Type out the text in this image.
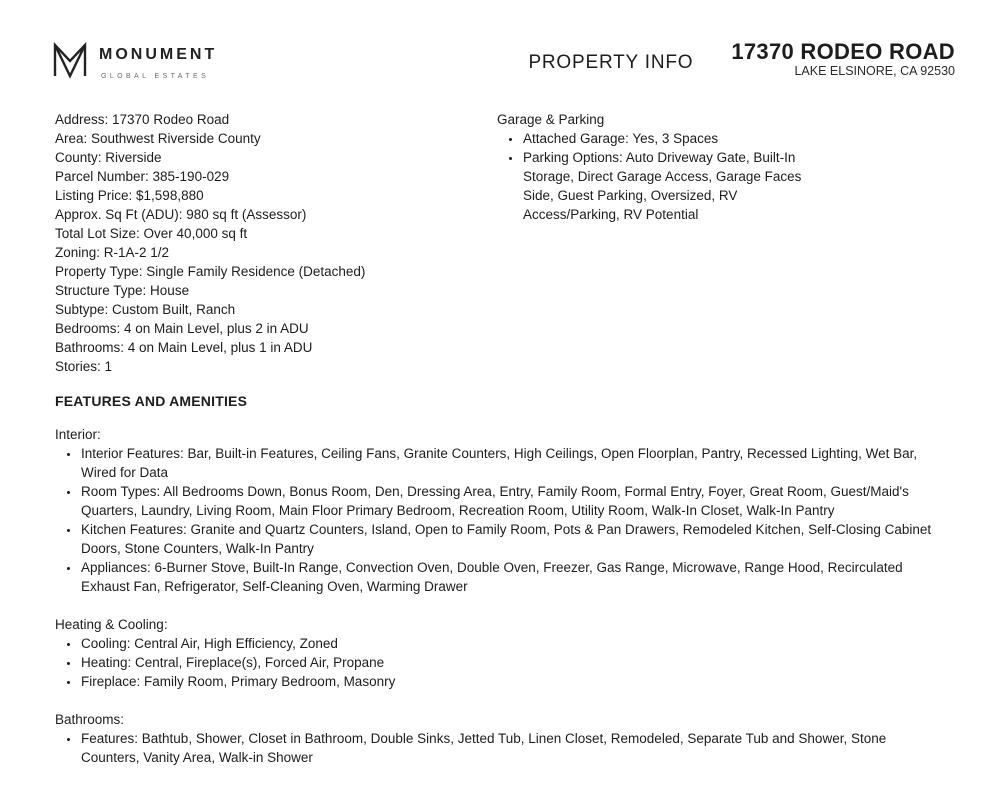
MONUMENT
GLOBAL ESTATES
PROPERTY INFO 17370 RODEO ROAD
LAKE ELSINORE, CA 92530
Address: 17370 Rodeo Road
Area: Southwest Riverside County
County: Riverside
Parcel Number: 385-190-029
Listing Price: $1,598,880
Approx. Sq Ft (ADU): 980 sq ft (Assessor)
Total Lot Size: Over 40,000 sq ft
Zoning: R-1A-2 1/2
Property Type: Single Family Residence (Detached)
Structure Type: House
Subtype: Custom Built, Ranch
Bedrooms: 4 on Main Level, plus 2 in ADU
Bathrooms: 4 on Main Level, plus 1 in ADU
Stories: 1
Garage & Parking
• Attached Garage: Yes, 3 Spaces
• Parking Options: Auto Driveway Gate, Built-In Storage, Direct Garage Access, Garage Faces Side, Guest Parking, Oversized, RV Access/Parking, RV Potential
FEATURES AND AMENITIES
Interior:
• Interior Features: Bar, Built-in Features, Ceiling Fans, Granite Counters, High Ceilings, Open Floorplan, Pantry, Recessed Lighting, Wet Bar, Wired for Data
• Room Types: All Bedrooms Down, Bonus Room, Den, Dressing Area, Entry, Family Room, Formal Entry, Foyer, Great Room, Guest/Maid's Quarters, Laundry, Living Room, Main Floor Primary Bedroom, Recreation Room, Utility Room, Walk-In Closet, Walk-In Pantry
• Kitchen Features: Granite and Quartz Counters, Island, Open to Family Room, Pots & Pan Drawers, Remodeled Kitchen, Self-Closing Cabinet Doors, Stone Counters, Walk-In Pantry
• Appliances: 6-Burner Stove, Built-In Range, Convection Oven, Double Oven, Freezer, Gas Range, Microwave, Range Hood, Recirculated Exhaust Fan, Refrigerator, Self-Cleaning Oven, Warming Drawer
Heating & Cooling:
• Cooling: Central Air, High Efficiency, Zoned
• Heating: Central, Fireplace(s), Forced Air, Propane
• Fireplace: Family Room, Primary Bedroom, Masonry
Bathrooms:
• Features: Bathtub, Shower, Closet in Bathroom, Double Sinks, Jetted Tub, Linen Closet, Remodeled, Separate Tub and Shower, Stone Counters, Vanity Area, Walk-in Shower
